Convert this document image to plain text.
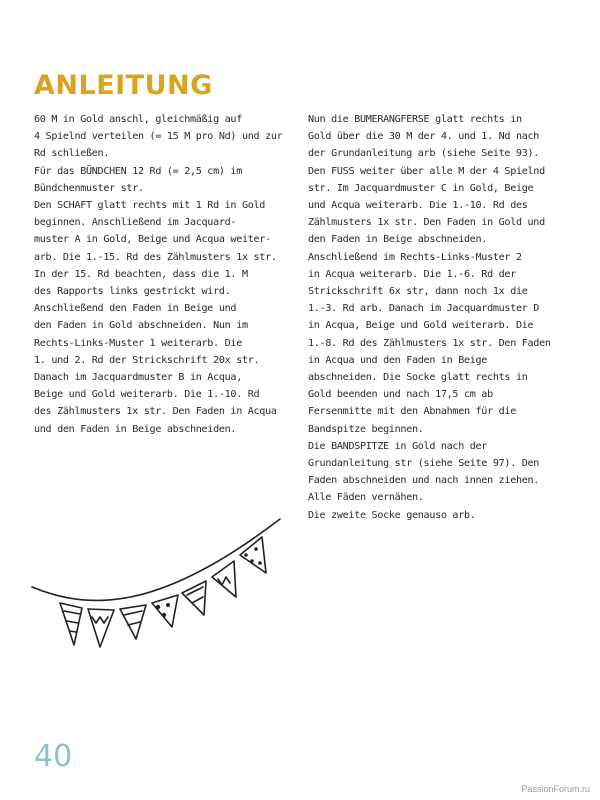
ANLEITUNG
60 M in Gold anschl, gleichmäßig auf
4 Spielnd verteilen (= 15 M pro Nd) und zur
Rd schließen.
Für das BÜNDCHEN 12 Rd (= 2,5 cm) im
Bündchenmuster str.
Den SCHAFT glatt rechts mit 1 Rd in Gold
beginnen. Anschließend im Jacquard-
muster A in Gold, Beige und Acqua weiter-
arb. Die 1.-15. Rd des Zählmusters 1x str.
In der 15. Rd beachten, dass die 1. M
des Rapports links gestrickt wird.
Anschließend den Faden in Beige und
den Faden in Gold abschneiden. Nun im
Rechts-Links-Muster 1 weiterarb. Die
1. und 2. Rd der Strickschrift 20x str.
Danach im Jacquardmuster B in Acqua,
Beige und Gold weiterarb. Die 1.-10. Rd
des Zählmusters 1x str. Den Faden in Acqua
und den Faden in Beige abschneiden.
Nun die BUMERANGFERSE glatt rechts in
Gold über die 30 M der 4. und 1. Nd nach
der Grundanleitung arb (siehe Seite 93).
Den FUSS weiter über alle M der 4 Spielnd
str. Im Jacquardmuster C in Gold, Beige
und Acqua weiterarb. Die 1.-10. Rd des
Zählmusters 1x str. Den Faden in Gold und
den Faden in Beige abschneiden.
Anschließend im Rechts-Links-Muster 2
in Acqua weiterarb. Die 1.-6. Rd der
Strickschrift 6x str, dann noch 1x die
1.-3. Rd arb. Danach im Jacquardmuster D
in Acqua, Beige und Gold weiterarb. Die
1.-8. Rd des Zählmusters 1x str. Den Faden
in Acqua und den Faden in Beige
abschneiden. Die Socke glatt rechts in
Gold beenden und nach 17,5 cm ab
Fersenmitte mit den Abnahmen für die
Bandspitze beginnen.
Die BANDSPITZE in Gold nach der
Grundanleitung str (siehe Seite 97). Den
Faden abschneiden und nach innen ziehen.
Alle Fäden vernähen.
Die zweite Socke genauso arb.
40
PassionForum.ru
